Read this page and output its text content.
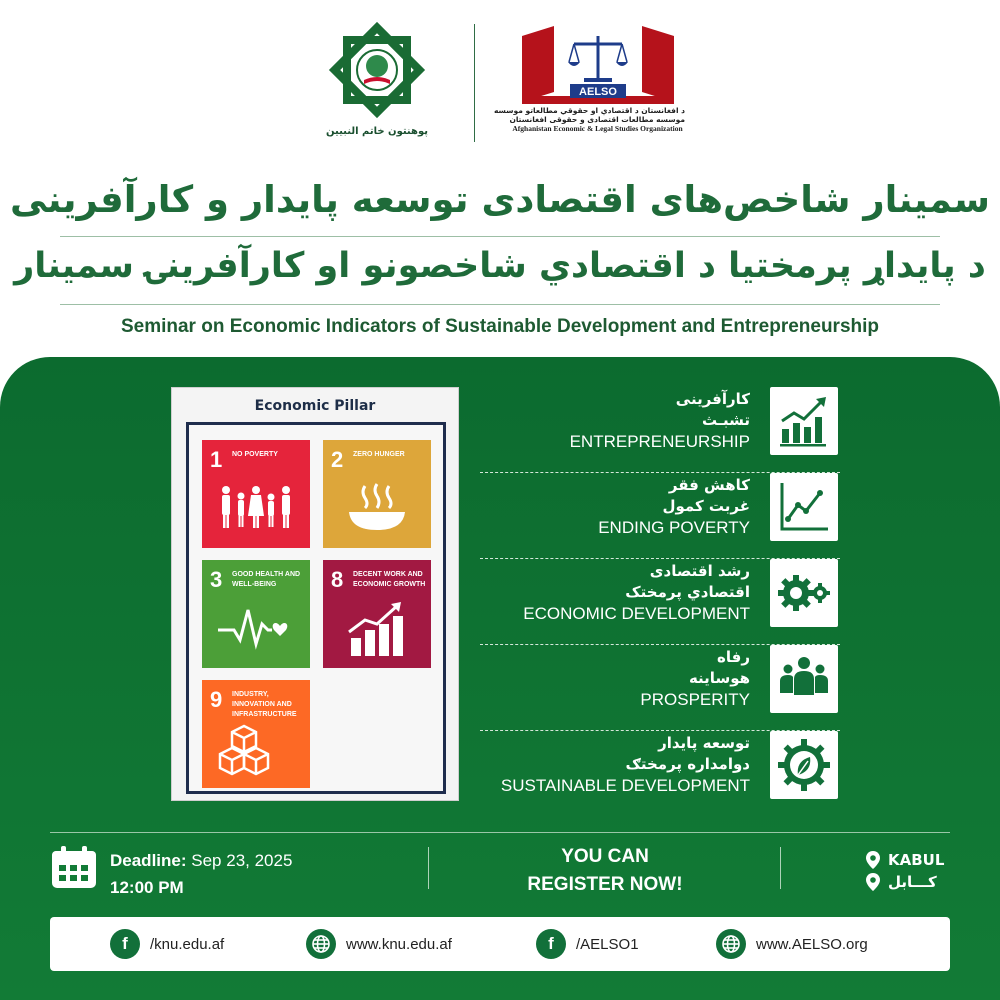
پوهنتون خاتم النبیین
AELSO
د افغانستان د اقتصادي او حقوقي مطالعاتو موسسه
موسسه مطالعات اقتصادی و حقوقی افغانستان
Afghanistan Economic & Legal Studies Organization
سمینار شاخص‌های اقتصادی توسعه پایدار و کارآفرینی
د پایداړ پرمختیا د اقتصادي شاخصونو او کارآفرینۍ سمینار
Seminar on Economic Indicators of Sustainable Development and Entrepreneurship
Economic Pillar
1 NO POVERTY	2 ZERO HUNGER
3 GOOD HEALTH AND WELL-BEING	8 DECENT WORK AND ECONOMIC GROWTH
9 INDUSTRY, INNOVATION AND INFRASTRUCTURE
کارآفرینی
تشبـث
ENTREPRENEURSHIP
کاهش فقر
غربت کمول
ENDING POVERTY
رشد اقتصادی
اقتصادي پرمختک
ECONOMIC DEVELOPMENT
رفاه
هوساینه
PROSPERITY
توسعه پایدار
دوامداره پرمختګ
SUSTAINABLE DEVELOPMENT
Deadline: Sep 23, 2025
12:00 PM
YOU CAN
REGISTER NOW!
KABUL
کـــابل
f	/knu.edu.af	www.knu.edu.af	f	/AELSO1	www.AELSO.org
